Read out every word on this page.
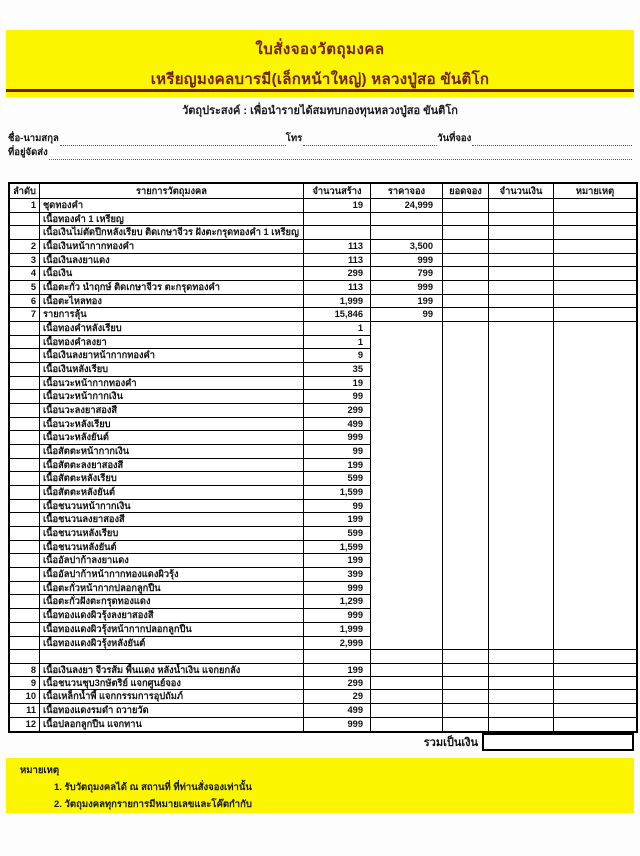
ใบสั่งจองวัตถุมงคล
เหรียญมงคลบารมี(เล็กหน้าใหญ่) หลวงปู่สอ ขันติโก
วัตถุประสงค์ : เพื่อนำรายได้สมทบกองทุนหลวงปู่สอ ขันติโก
ชื่อ-นามสกุล	โทร	วันที่จอง
ที่อยู่จัดส่ง
ลำดับ	รายการวัตถุมงคล	จำนวนสร้าง	ราคาจอง	ยอดจอง	จำนวนเงิน	หมายเหตุ
1 ชุดทองคำ	19	24,999
เนื้อทองคำ 1 เหรียญ
เนื้อเงินไม่ตัดปีกหลังเรียบ ติดเกษาจีวร ฝังตะกรุดทองคำ 1 เหรียญ
2 เนื้อเงินหน้ากากทองคำ	113	3,500
3 เนื้อเงินลงยาแดง	113	999
4 เนื้อเงิน	299	799
5 เนื้อตะกั่ว นำฤกษ์ ติดเกษาจีวร ตะกรุดทองคำ	113	999
6 เนื้อตะไหลทอง	1,999	199
7 รายการลุ้น	15,846	99
เนื้อทองคำหลังเรียบ	1
เนื้อทองคำลงยา	1
เนื้อเงินลงยาหน้ากากทองคำ	9
เนื้อเงินหลังเรียบ	35
เนื้อนวะหน้ากากทองคำ	19
เนื้อนวะหน้ากากเงิน	99
เนื้อนวะลงยาสองสี	299
เนื้อนวะหลังเรียบ	499
เนื้อนวะหลังยันต์	999
เนื้อสัตตะหน้ากากเงิน	99
เนื้อสัตตะลงยาสองสี	199
เนื้อสัตตะหลังเรียบ	599
เนื้อสัตตะหลังยันต์	1,599
เนื้อชนวนหน้ากากเงิน	99
เนื้อชนวนลงยาสองสี	199
เนื้อชนวนหลังเรียบ	599
เนื้อชนวนหลังยันต์	1,599
เนื้ออัลปาก้าลงยาแดง	199
เนื้ออัลปาก้าหน้ากากทองแดงผิวรุ้ง	399
เนื้อตะกั่วหน้ากากปลอกลูกปืน	999
เนื้อตะกั่วฝังตะกรุดทองแดง	1,299
เนื้อทองแดงผิวรุ้งลงยาสองสี	999
เนื้อทองแดงผิวรุ้งหน้ากากปลอกลูกปืน	1,999
เนื้อทองแดงผิวรุ้งหลังยันต์	2,999
8 เนื้อเงินลงยา จีวรส้ม พื้นแดง หลังน้ำเงิน แจกยกลัง	199
9 เนื้อชนวนชุบ3กษัตริย์ แจกศูนย์จอง	299
10 เนื้อเหล็กน้ำพี้ แจกกรรมการอุปถัมภ์	29
11 เนื้อทองแดงรมดำ ถวายวัด	499
12 เนื้อปลอกลูกปืน แจกทาน	999
รวมเป็นเงิน
หมายเหตุ
1. รับวัตถุมงคลได้ ณ สถานที่ ที่ท่านสั่งจองเท่านั้น
2. วัตถุมงคลทุกรายการมีหมายเลขและโค๊ตกำกับ
